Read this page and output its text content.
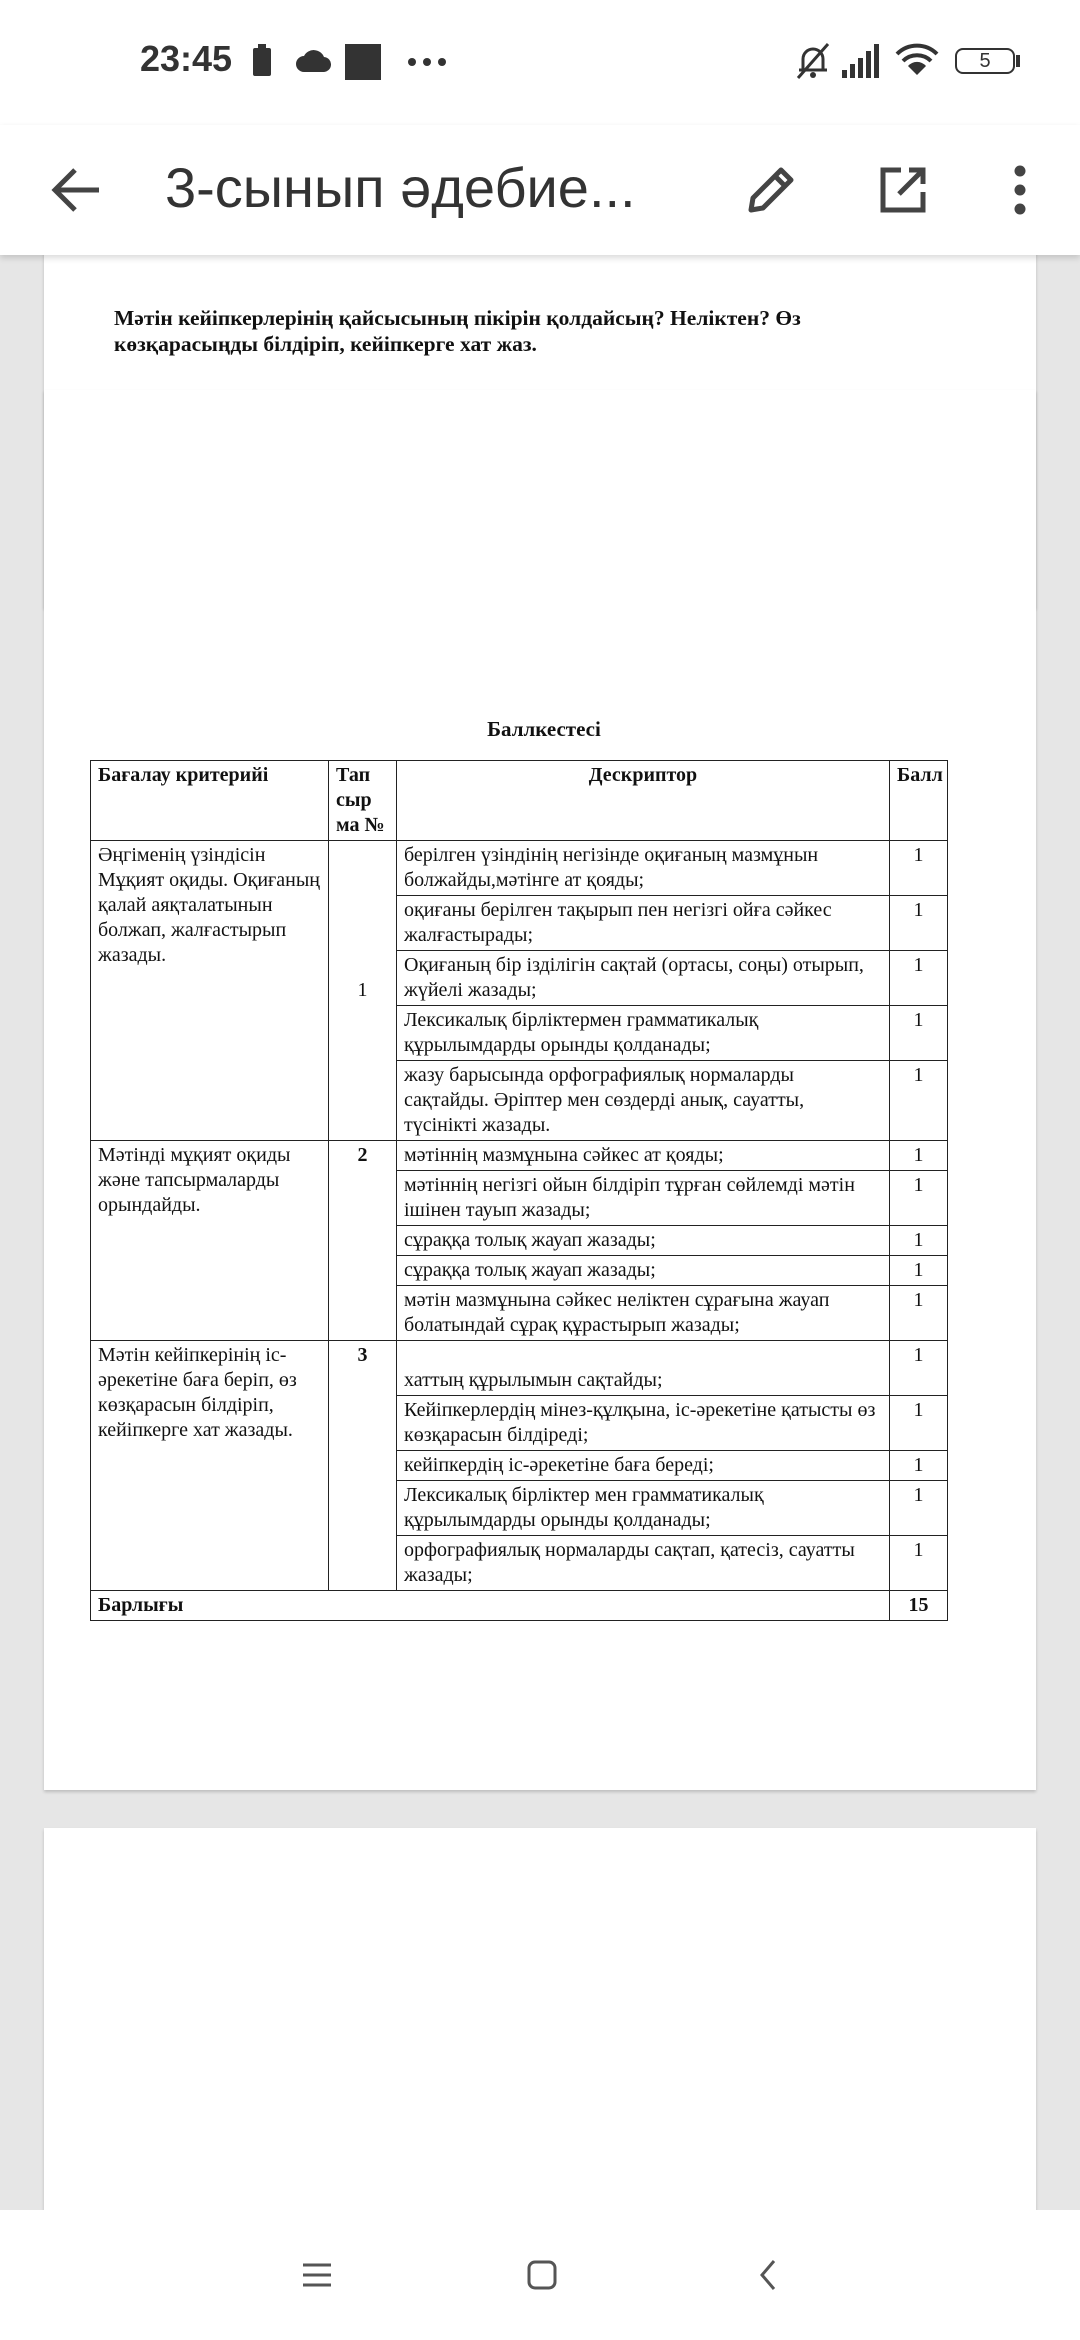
23:45	5
3-сынып әдебие...
Мәтін кейіпкерлерінің қайсысының пікірін қолдайсың? Неліктен? Өз көзқарасыңды білдіріп, кейіпкерге хат жаз.
Баллкестесі
Бағалау критерийі	Тап сыр ма №	Дескриптор	Балл
Әңгіменің үзіндісін Мұқият оқиды. Оқиғаның қалай аяқталатынын болжап, жалғастырып жазады.	1	берілген үзіндінің негізінде оқиғаның мазмұнын болжайды,мәтінге ат қояды;	1
		оқиғаны берілген тақырып пен негізгі ойға сәйкес жалғастырады;	1
		Оқиғаның бір ізділігін сақтай (ортасы, соңы) отырып, жүйелі жазады;	1
		Лексикалық бірліктермен грамматикалық құрылымдарды орынды қолданады;	1
		жазу барысында орфографиялық нормаларды сақтайды. Әріптер мен сөздерді анық, сауатты, түсінікті жазады.	1
Мәтінді мұқият оқиды және тапсырмаларды орындайды.	2	мәтіннің мазмұнына сәйкес ат қояды;	1
		мәтіннің негізгі ойын білдіріп тұрған сөйлемді мәтін ішінен тауып жазады;	1
		сұраққа толық жауап жазады;	1
		сұраққа толық жауап жазады;	1
		мәтін мазмұнына сәйкес неліктен сұрағына жауап болатындай сұрақ құрастырып жазады;	1
Мәтін кейіпкерінің іс-әрекетіне баға беріп, өз көзқарасын білдіріп, кейіпкерге хат жазады.	3	хаттың құрылымын сақтайды;	1
		Кейіпкерлердің мінез-құлқына, іс-әрекетіне қатысты өз көзқарасын білдіреді;	1
		кейіпкердің іс-әрекетіне баға береді;	1
		Лексикалық бірліктер мен грамматикалық құрылымдарды орынды қолданады;	1
		орфографиялық нормаларды сақтап, қатесіз, сауатты жазады;	1
Барлығы			15
